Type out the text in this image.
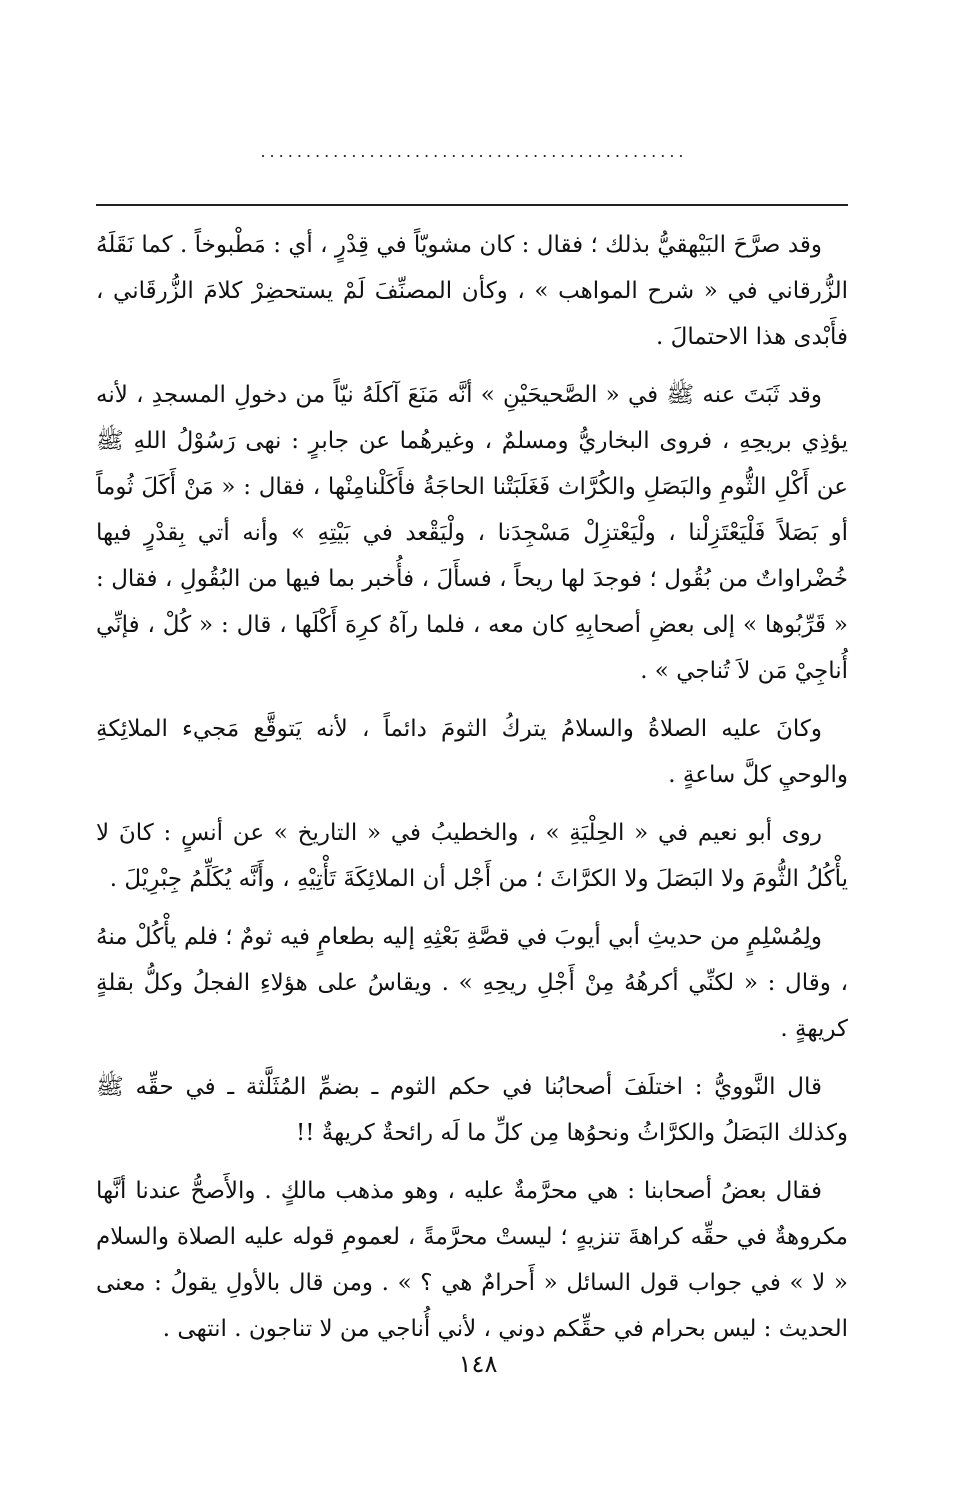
...............................................

وقد صرَّحَ البَيْهقيُّ بذلك ؛ فقال : كان مشويّاً في قِدْرٍ ، أي : مَطْبوخاً . كما نَقَلَهُ الزُّرقاني في « شرح المواهب » ، وكأن المصنِّفَ لَمْ يستحضِرْ كلامَ الزُّرقَاني ، فأَبْدى هذا الاحتمالَ .

وقد ثَبَتَ عنه ﷺ في « الصَّحيحَيْنِ » أنَّه مَنَعَ آكلَهُ نيّاً من دخولِ المسجدِ ، لأنه يؤذِي بريحِهِ ، فروى البخاريُّ ومسلمٌ ، وغيرهُما عن جابرٍ : نهى رَسُوْلُ اللهِ ﷺ عن أَكْلِ الثُّومِ والبَصَلِ والكُرَّاث فَغَلَبَتْنا الحاجَةُ فأَكَلْنامِنْها ، فقال : « مَنْ أَكَلَ ثُوماً أو بَصَلاً فَلْيَعْتَزِلْنا ، ولْيَعْتزِلْ مَسْجِدَنا ، ولْيَقْعد في بَيْتِهِ » وأنه أتي بِقدْرٍ فيها خُضْراواتٌ من بُقُول ؛ فوجدَ لها ريحاً ، فسأَلَ ، فأُخبر بما فيها من البُقُولِ ، فقال : « قَرِّبُوها » إلى بعضِ أصحابِهِ كان معه ، فلما رآهُ كرِهَ أَكْلَها ، قال : « كُلْ ، فإنِّي أُناجِيْ مَن لاَ تُناجي » .

وكانَ عليه الصلاةُ والسلامُ يتركُ الثومَ دائماً ، لأنه يَتوقَّع مَجيء الملائِكةِ والوحيِ كلَّ ساعةٍ .

روى أبو نعيم في « الحِلْيَةِ » ، والخطيبُ في « التاريخ » عن أنسٍ : كانَ لا يأْكُلُ الثُّومَ ولا البَصَلَ ولا الكرَّاثَ ؛ من أَجْل أن الملائِكَةَ تَأْتِيْهِ ، وأَنَّه يُكَلِّمُ جِبْرِيْلَ .

ولِمُسْلِمٍ من حديثِ أبي أيوبَ في قصَّةِ بَعْثِهِ إليه بطعامٍ فيه ثومٌ ؛ فلم يأْكُلْ منهُ ، وقال : « لكنِّي أكرهُهُ مِنْ أَجْلِ ريحِهِ » . ويقاسُ على هؤلاءِ الفجلُ وكلُّ بقلةٍ كريهةٍ .

قال النَّوويُّ : اختلَفَ أصحابُنا في حكم الثوم ـ بضمِّ المُثَلَّثة ـ في حقِّه ﷺ وكذلك البَصَلُ والكرَّاثُ ونحوُها مِن كلِّ ما لَه رائحةٌ كريهةٌ !!

فقال بعضُ أصحابنا : هي محرَّمةٌ عليه ، وهو مذهب مالكٍ . والأَصحُّ عندنا أنَّها مكروهةٌ في حقِّه كراهةَ تنزيهٍ ؛ ليستْ محرَّمةً ، لعمومِ قوله عليه الصلاة والسلام « لا » في جواب قول السائل « أَحرامٌ هي ؟ » . ومن قال بالأولِ يقولُ : معنى الحديث : ليس بحرام في حقِّكم دوني ، لأني أُناجي من لا تناجون . انتهى .

١٤٨
